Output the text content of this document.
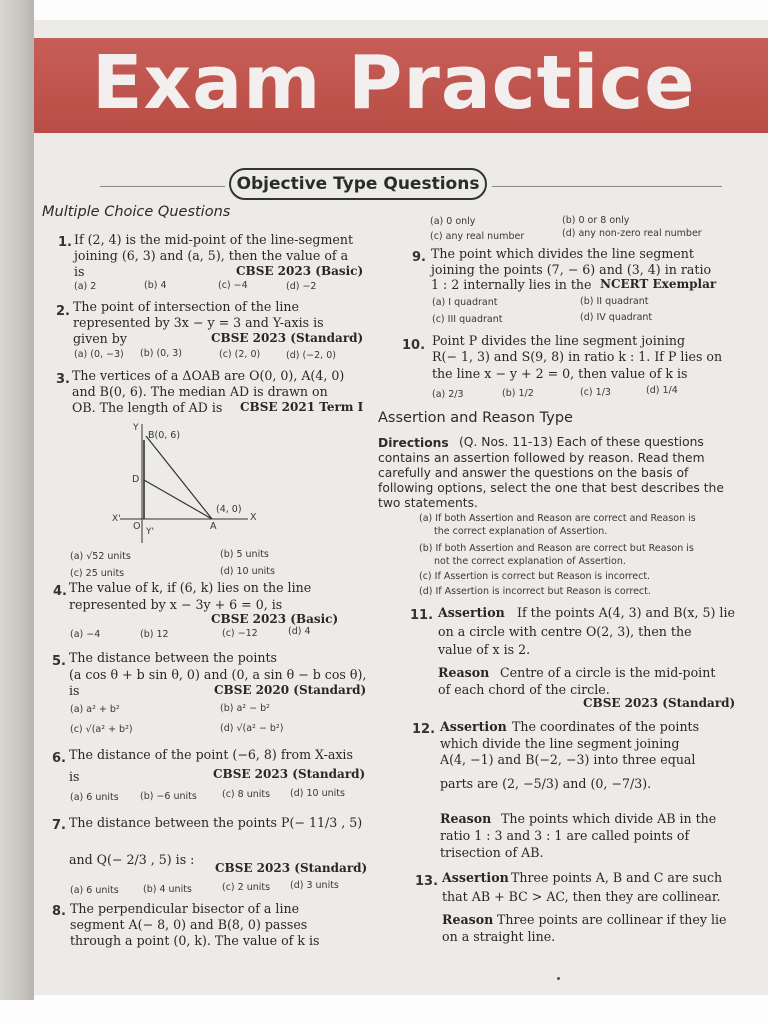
Exam Practice
Objective Type Questions
Multiple Choice Questions
1. If (2, 4) is the mid-point of the line-segment
joining (6, 3) and (a, 5), then the value of a
is	CBSE 2023 (Basic)
(a) 2	(b) 4	(c) −4	(d) −2
2. The point of intersection of the line
represented by 3x − y = 3 and Y-axis is
given by	CBSE 2023 (Standard)
(a) (0, −3) (b) (0, 3)	(c) (2, 0)	(d) (−2, 0)
3. The vertices of a ΔOAB are O(0, 0), A(4, 0)
and B(0, 6). The median AD is drawn on
OB. The length of AD is CBSE 2021 Term I
Y
B(0, 6)
D
X'
O Y'
(4, 0)
A
X
(a) √52 units	(b) 5 units
(c) 25 units	(d) 10 units
4. The value of k, if (6, k) lies on the line
represented by x − 3y + 6 = 0, is
CBSE 2023 (Basic)
(a) −4	(b) 12	(c) −12	(d) 4
5. The distance between the points
(a cos θ + b sin θ, 0) and (0, a sin θ − b cos θ),
is	CBSE 2020 (Standard)
(a) a² + b²	(b) a² − b²
(c) √(a² + b²)	(d) √(a² − b²)
6. The distance of the point (−6, 8) from X-axis
is	CBSE 2023 (Standard)
(a) 6 units (b) −6 units	(c) 8 units (d) 10 units
7. The distance between the points P(− 11/3 , 5)
and Q(− 2/3 , 5) is :
CBSE 2023 (Standard)
(a) 6 units	(b) 4 units	(c) 2 units (d) 3 units
8. The perpendicular bisector of a line
segment A(− 8, 0) and B(8, 0) passes
through a point (0, k). The value of k is
(a) 0 only	(b) 0 or 8 only
(c) any real number	(d) any non-zero real number
9. The point which divides the line segment
joining the points (7, − 6) and (3, 4) in ratio
1 : 2 internally lies in the NCERT Exemplar
(a) I quadrant	(b) II quadrant
(c) III quadrant	(d) IV quadrant
10. Point P divides the line segment joining
R(− 1, 3) and S(9, 8) in ratio k : 1. If P lies on
the line x − y + 2 = 0, then value of k is
(a) 2/3	(b) 1/2	(c) 1/3	(d) 1/4
Assertion and Reason Type
Directions (Q. Nos. 11-13) Each of these questions
contains an assertion followed by reason. Read them
carefully and answer the questions on the basis of
following options, select the one that best describes the
two statements.
(a) If both Assertion and Reason are correct and Reason is
the correct explanation of Assertion.
(b) If both Assertion and Reason are correct but Reason is
not the correct explanation of Assertion.
(c) If Assertion is correct but Reason is incorrect.
(d) If Assertion is incorrect but Reason is correct.
11. Assertion If the points A(4, 3) and B(x, 5) lie
on a circle with centre O(2, 3), then the
value of x is 2.
Reason Centre of a circle is the mid-point
of each chord of the circle.
CBSE 2023 (Standard)
12. Assertion The coordinates of the points
which divide the line segment joining
A(4, −1) and B(−2, −3) into three equal
parts are (2, −5/3) and (0, −7/3).
Reason The points which divide AB in the
ratio 1 : 3 and 3 : 1 are called points of
trisection of AB.
13. Assertion Three points A, B and C are such
that AB + BC > AC, then they are collinear.
Reason Three points are collinear if they lie
on a straight line.
